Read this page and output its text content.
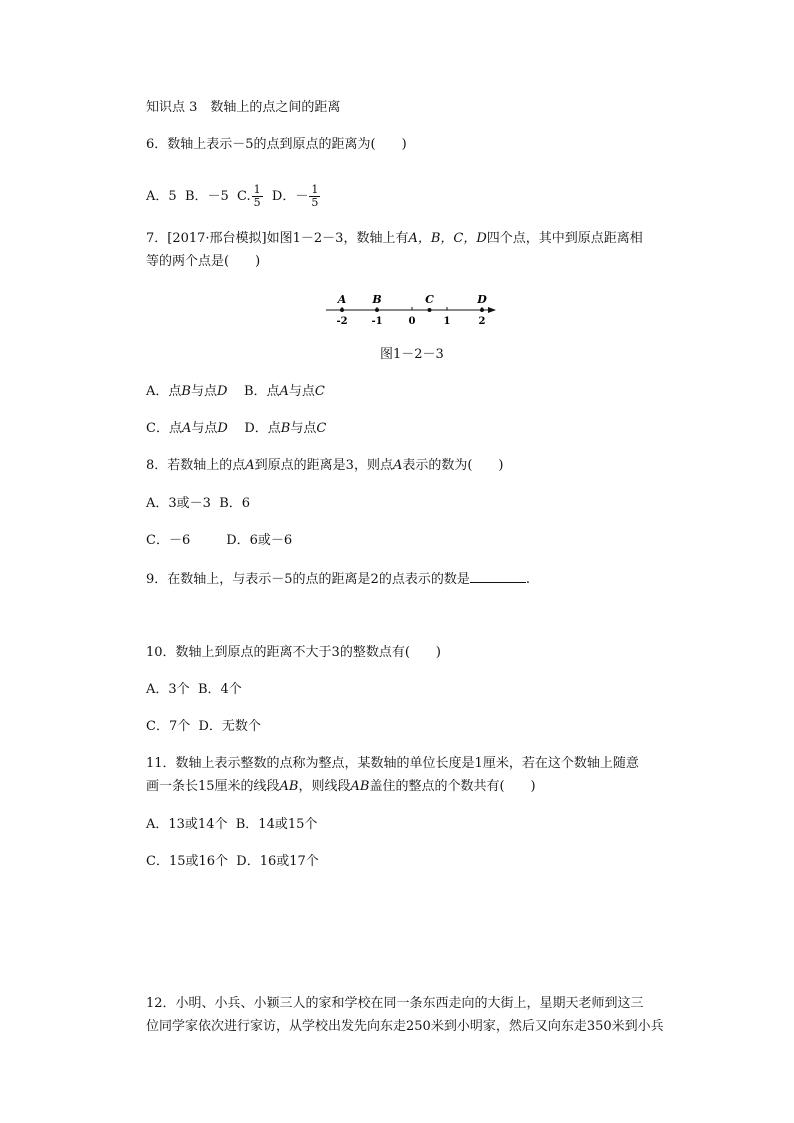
知识点 3　数轴上的点之间的距离
6．数轴上表示－5的点到原点的距离为(　　)
A．5 B．－5 C. $\frac{1}{5}$ D．－ $\frac{1}{5}$
7．[2017·邢台模拟]如图1－2－3，数轴上有A，B，C，D四个点，其中到原点距离相
等的两个点是(　　)
-2 -1	0	1	2
A B	C	D
图1－2－3
A．点B与点D B．点A与点C
C．点A与点D D．点B与点C
8．若数轴上的点A到原点的距离是3，则点A表示的数为(　　)
A．3或－3 B．6
C．－6	D．6或－6
9．在数轴上，与表示－5的点的距离是2的点表示的数是	.
10．数轴上到原点的距离不大于3的整数点有(　　)
A．3个 B．4个
C．7个 D．无数个
11．数轴上表示整数的点称为整点，某数轴的单位长度是1厘米，若在这个数轴上随意
画一条长15厘米的线段AB，则线段AB盖住的整点的个数共有(　　)
A．13或14个 B．14或15个
C．15或16个 D．16或17个
12．小明、小兵、小颖三人的家和学校在同一条东西走向的大街上，星期天老师到这三
位同学家依次进行家访，从学校出发先向东走250米到小明家，然后又向东走350米到小兵
